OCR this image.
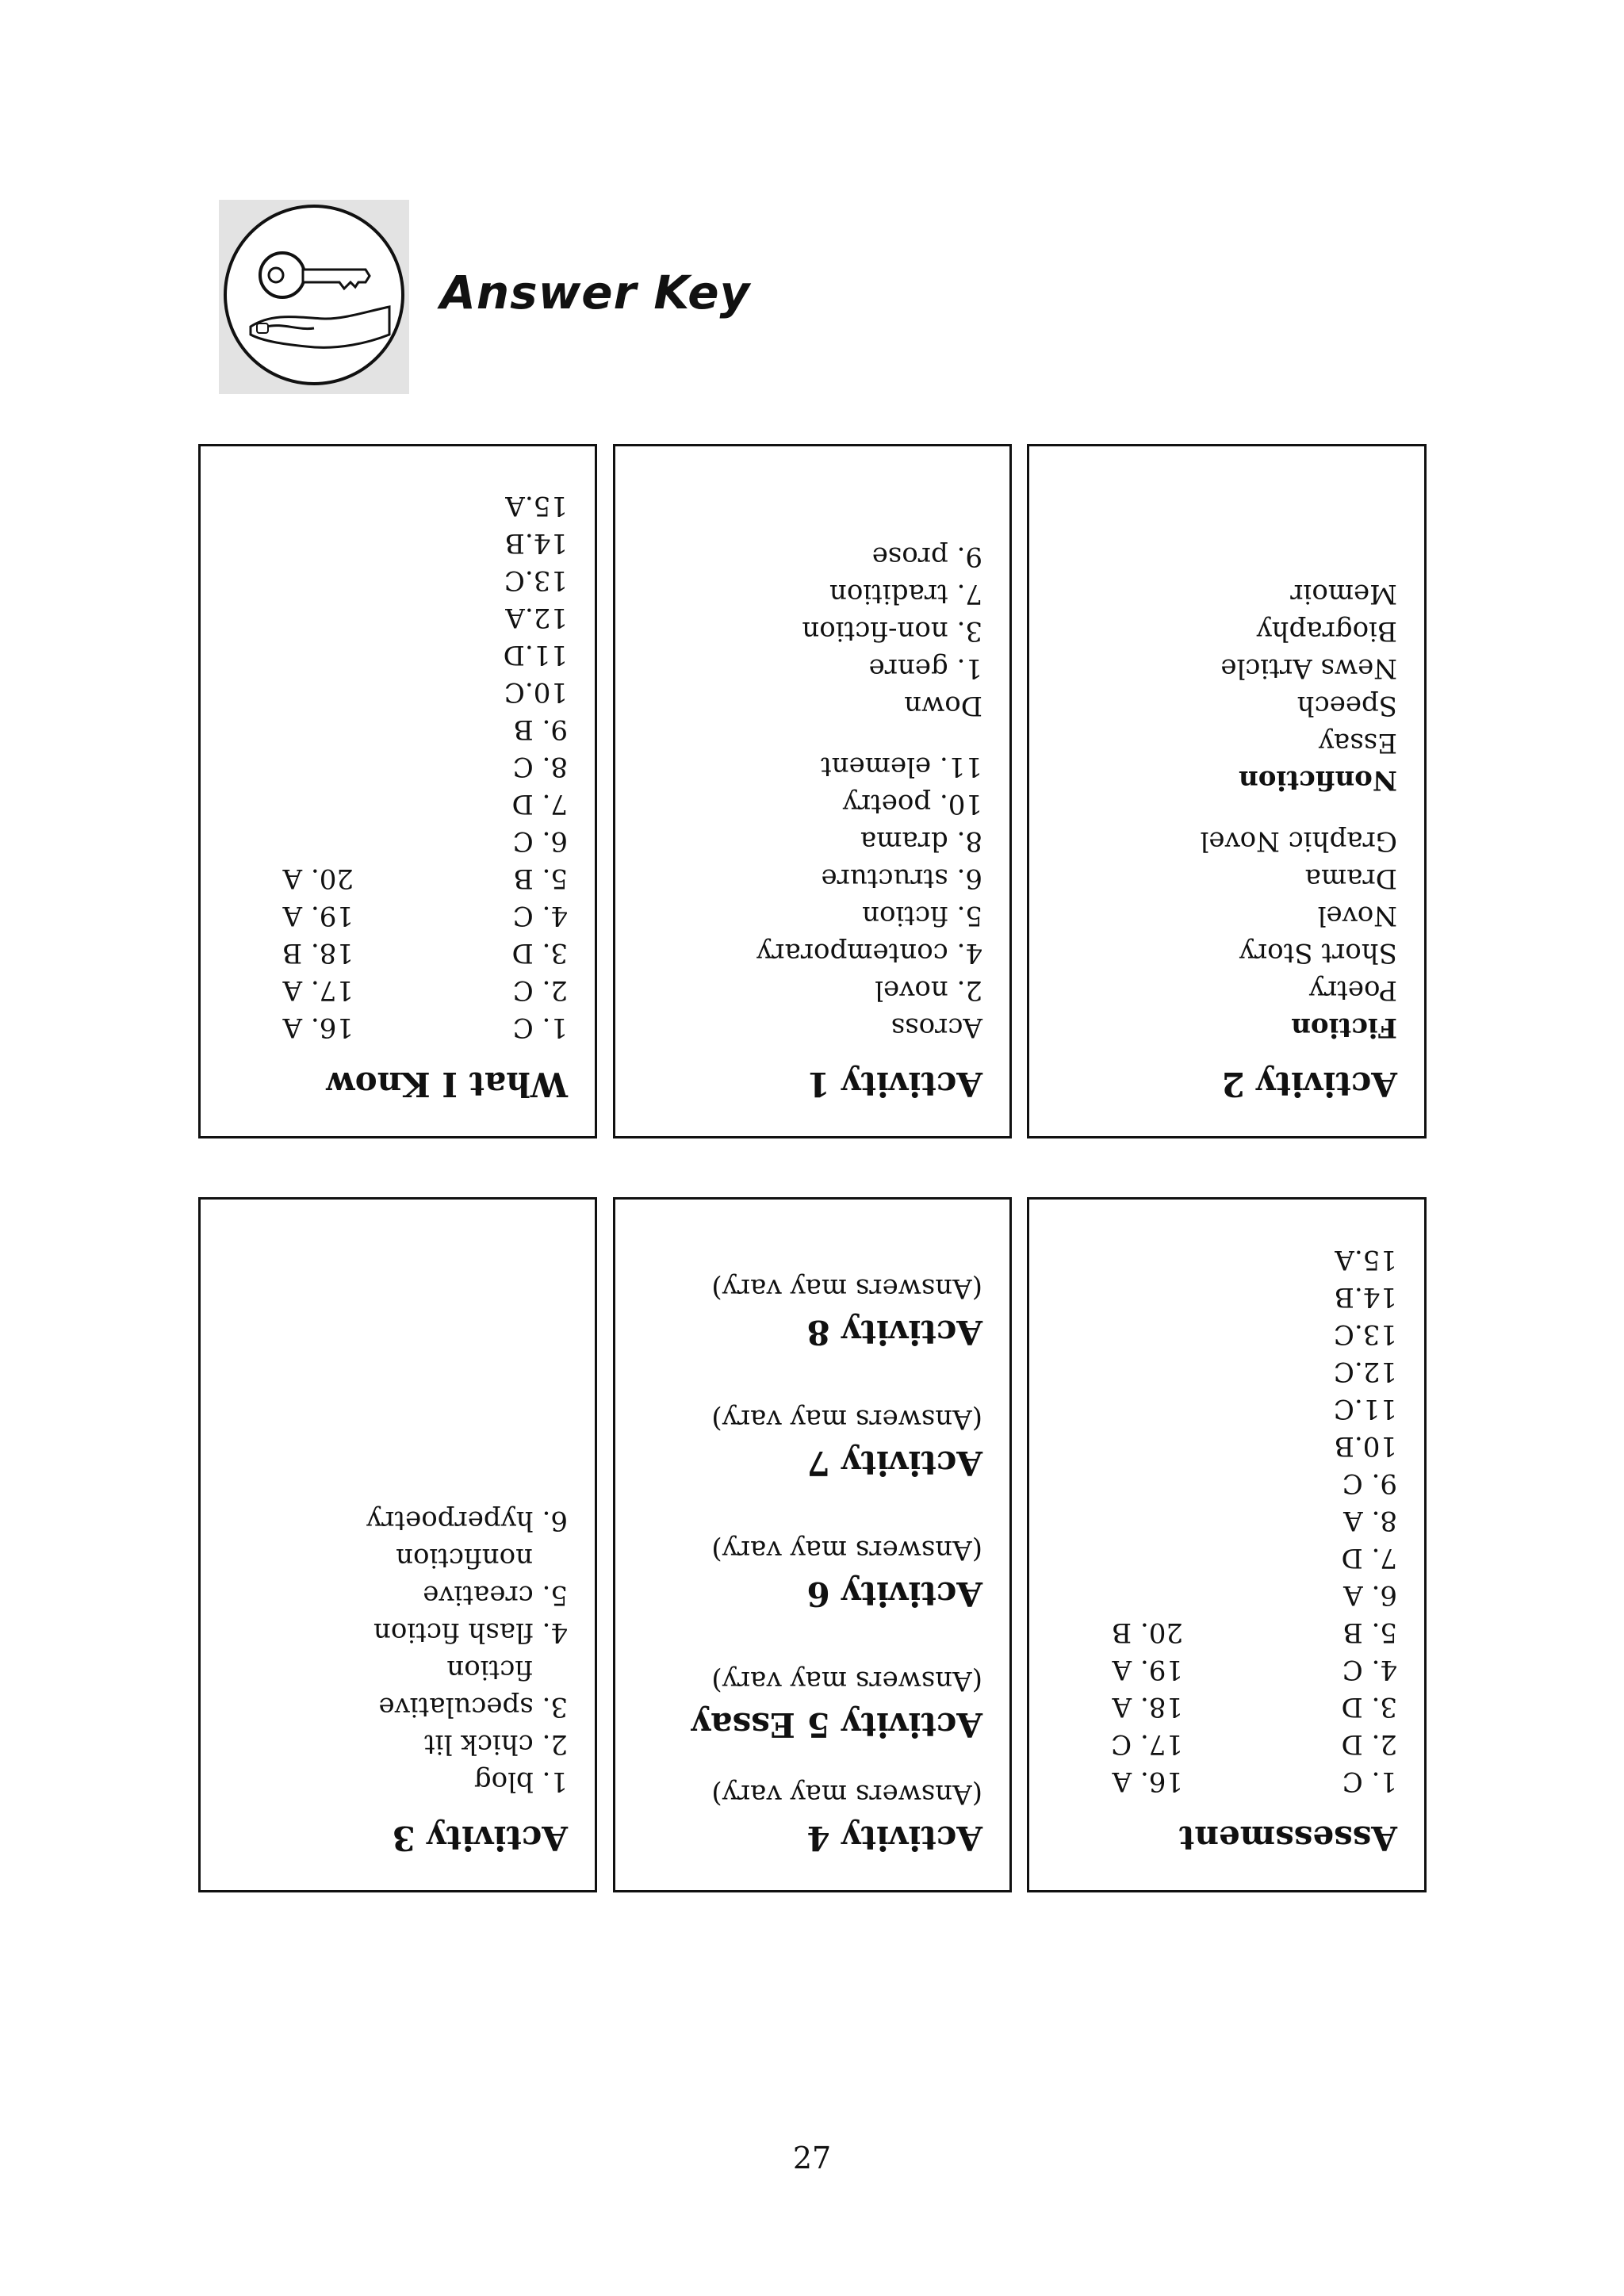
Answer Key
Activity 2
Fiction
Poetry
Short Story
Novel
Drama
Graphic Novel
Nonfiction
Essay
Speech
News Article
Biography
Memoir
Activity 1
Across
2. novel
4. contemporary
5. fiction
6. structure
8. drama
10. poetry
11. element
Down
1. genre
3. non-fiction
7. tradition
9. prose
What I Know
1. C
2. C
3. D
4. C
5. B
6. C
7. D
8. C
9. B
10.C
11.D
12.A
13.C
14.B
15.A
16. A
17. A
18. B
19. A
20. A
Assessment
1. C
2. D
3. D
4. C
5. B
6. A
7. D
8. A
9. C
10.B
11.C
12.C
13.C
14.B
15.A
16. A
17. C
18. A
19. A
20. B
Activity 4
(Answers may vary)
Activity 5 Essay
(Answers may vary)
Activity 6
(Answers may vary)
Activity 7
(Answers may vary)
Activity 8
(Answers may vary)
Activity 3
1. blog
2. chick lit
3. speculative
fiction
4. flash fiction
5. creative
nonfiction
6. hyperpoetry
27
